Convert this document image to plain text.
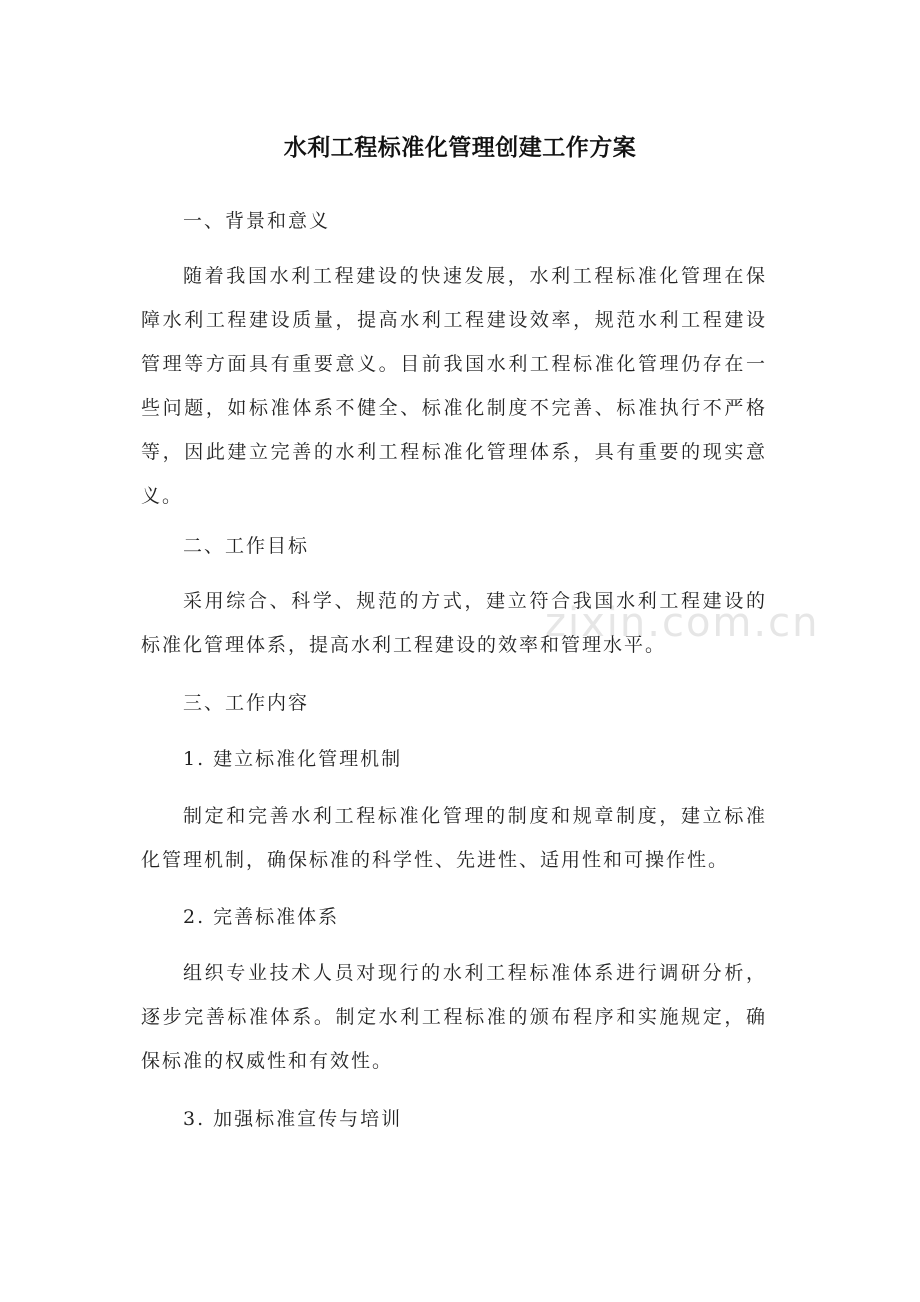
zixin.com.cn
水利工程标准化管理创建工作方案
一、背景和意义
随着我国水利工程建设的快速发展，水利工程标准化管理在保障水利工程建设质量，提高水利工程建设效率，规范水利工程建设管理等方面具有重要意义。目前我国水利工程标准化管理仍存在一些问题，如标准体系不健全、标准化制度不完善、标准执行不严格等，因此建立完善的水利工程标准化管理体系，具有重要的现实意义。
二、工作目标
采用综合、科学、规范的方式，建立符合我国水利工程建设的标准化管理体系，提高水利工程建设的效率和管理水平。
三、工作内容
1. 建立标准化管理机制
制定和完善水利工程标准化管理的制度和规章制度，建立标准化管理机制，确保标准的科学性、先进性、适用性和可操作性。
2. 完善标准体系
组织专业技术人员对现行的水利工程标准体系进行调研分析，逐步完善标准体系。制定水利工程标准的颁布程序和实施规定，确保标准的权威性和有效性。
3. 加强标准宣传与培训
